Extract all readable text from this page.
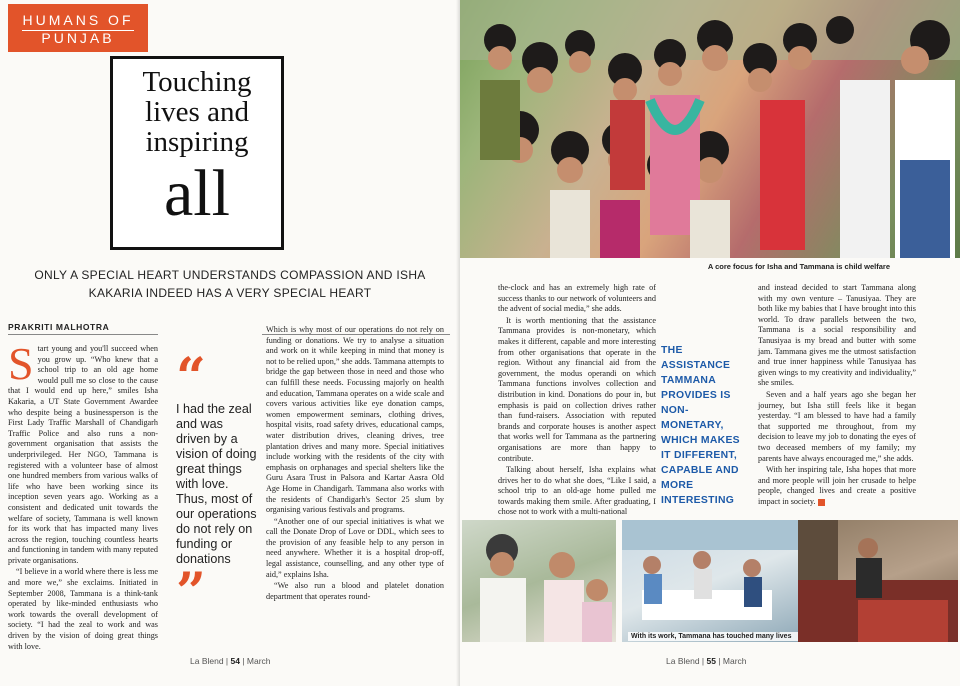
HUMANS OF
PUNJAB
Touching lives and inspiring
all
ONLY A SPECIAL HEART UNDERSTANDS COMPASSION AND ISHA KAKARIA INDEED HAS A VERY SPECIAL HEART
PRAKRITI MALHOTRA

Start young and you'll succeed when you grow up. “Who knew that a school trip to an old age home would pull me so close to the cause that I would end up here,” smiles Isha Kakaria, a UT State Government Awardee who despite being a businessperson is the First Lady Traffic Marshall of Chandigarh Traffic Police and also runs a non-government organisation that assists the underprivileged. Her NGO, Tammana is registered with a volunteer base of almost one hundred members from various walks of life who have been working since its inception seven years ago. Working as a consistent and dedicated unit towards the welfare of society, Tammana is well known for its work that has impacted many lives across the region, touching countless hearts and functioning in tandem with many reputed private organisations.

“I believe in a world where there is less me and more we,” she exclaims. Initiated in September 2008, Tammana is a think-tank operated by like-minded enthusiasts who work towards the overall development of society. “I had the zeal to work and was driven by the vision of doing great things with love.

“
I had the zeal and was driven by a vision of doing great things with love. Thus, most of our operations do not rely on funding or donations
”

Which is why most of our operations do not rely on funding or donations. We try to analyse a situation and work on it while keeping in mind that money is not to be relied upon,” she adds. Tammana attempts to bridge the gap between those in need and those who can fulfill these needs. Focussing majorly on health and education, Tammana operates on a wide scale and covers various activities like eye donation camps, women empowerment seminars, clothing drives, hospital visits, road safety drives, educational camps, water distribution drives, cleaning drives, tree plantation drives and many more. Special initiatives include working with the residents of the city with emphasis on orphanages and special shelters like the Guru Asara Trust in Palsora and Kartar Aasra Old Age Home in Chandigarh. Tammana also works with the residents of Chandigarh's Sector 25 slum by organising various festivals and programs.

“Another one of our special initiatives is what we call the Donate Drop of Love or DDL, which sees to the provision of any feasible help to any person in need anywhere. Whether it is a hospital drop-off, legal assistance, counselling, and any other type of aid,” explains Isha.

“We also run a blood and platelet donation department that operates round-

La Blend | 54 | March
A core focus for Isha and Tammana is child welfare

the-clock and has an extremely high rate of success thanks to our network of volunteers and the advent of social media,” she adds.

It is worth mentioning that the assistance Tammana provides is non-monetary, which makes it different, capable and more interesting from other organisations that operate in the region. Without any financial aid from the government, the modus operandi on which Tammana functions involves collection and distribution in kind. Donations do pour in, but emphasis is paid on collection drives rather than fund-raisers. Association with reputed brands and corporate houses is another aspect that works well for Tammana as the partnering organisations are more than happy to contribute.

Talking about herself, Isha explains what drives her to do what she does, “Like I said, a school trip to an old-age home pulled me towards making them smile. After graduating, I chose not to work with a multi-national

THE ASSISTANCE TAMMANA PROVIDES IS NON-MONETARY, WHICH MAKES IT DIFFERENT, CAPABLE AND MORE INTERESTING

and instead decided to start Tammana along with my own venture – Tanusiyaa. They are both like my babies that I have brought into this world. To draw parallels between the two, Tammana is a social responsibility and Tanusiyaa is my bread and butter with some jam. Tammana gives me the utmost satisfaction and true inner happiness while Tanusiyaa has given wings to my creativity and individuality,” she smiles.

Seven and a half years ago she began her journey, but Isha still feels like it began yesterday. “I am blessed to have had a family that supported me throughout, from my decision to leave my job to donating the eyes of two deceased members of my family; my parents have always encouraged me,” she adds.

With her inspiring tale, Isha hopes that more and more people will join her crusade to helpe people, changed lives and create a positive impact in society.

With its work, Tammana has touched many lives
La Blend | 55 | March
